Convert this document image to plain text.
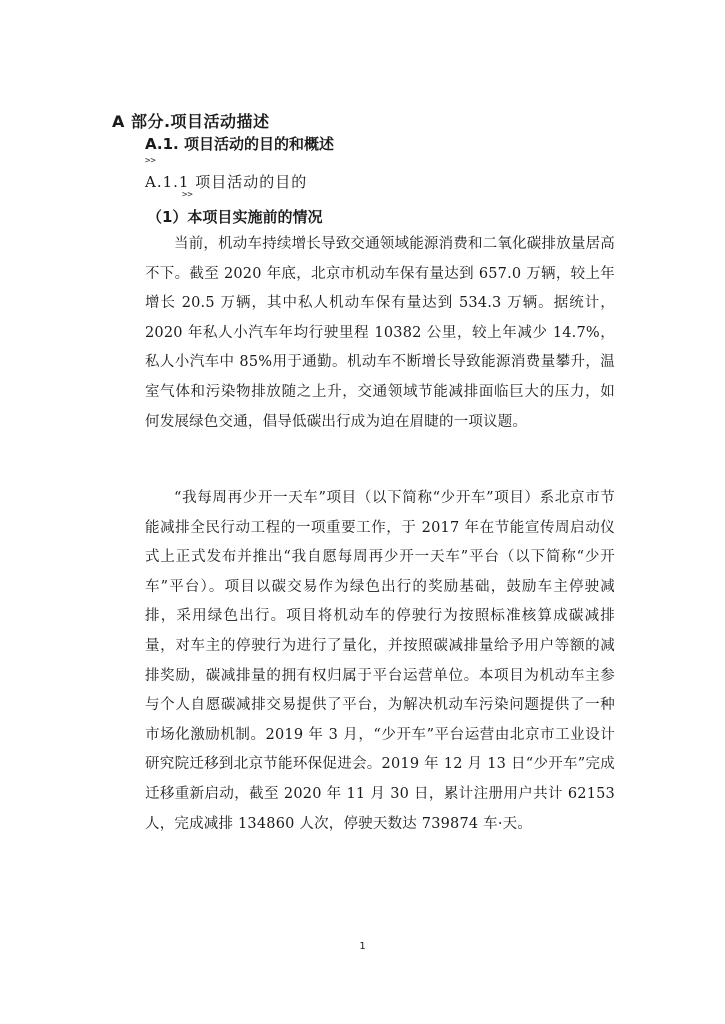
A 部分.项目活动描述
A.1. 项目活动的目的和概述
>>
A.1.1 项目活动的目的
>>
（1）本项目实施前的情况

当前，机动车持续增长导致交通领域能源消费和二氧化碳排放量居高不下。截至 2020 年底，北京市机动车保有量达到 657.0 万辆，较上年增长 20.5 万辆，其中私人机动车保有量达到 534.3 万辆。据统计，2020 年私人小汽车年均行驶里程 10382 公里，较上年减少 14.7%，私人小汽车中 85%用于通勤。机动车不断增长导致能源消费量攀升，温室气体和污染物排放随之上升，交通领域节能减排面临巨大的压力，如何发展绿色交通，倡导低碳出行成为迫在眉睫的一项议题。

“我每周再少开一天车”项目（以下简称“少开车”项目）系北京市节能减排全民行动工程的一项重要工作，于 2017 年在节能宣传周启动仪式上正式发布并推出“我自愿每周再少开一天车”平台（以下简称“少开车”平台）。项目以碳交易作为绿色出行的奖励基础，鼓励车主停驶减排，采用绿色出行。项目将机动车的停驶行为按照标准核算成碳减排量，对车主的停驶行为进行了量化，并按照碳减排量给予用户等额的减排奖励，碳减排量的拥有权归属于平台运营单位。本项目为机动车主参与个人自愿碳减排交易提供了平台，为解决机动车污染问题提供了一种市场化激励机制。2019 年 3 月，“少开车”平台运营由北京市工业设计研究院迁移到北京节能环保促进会。2019 年 12 月 13 日“少开车”完成迁移重新启动，截至 2020 年 11 月 30 日，累计注册用户共计 62153 人，完成减排 134860 人次，停驶天数达 739874 车·天。

1
